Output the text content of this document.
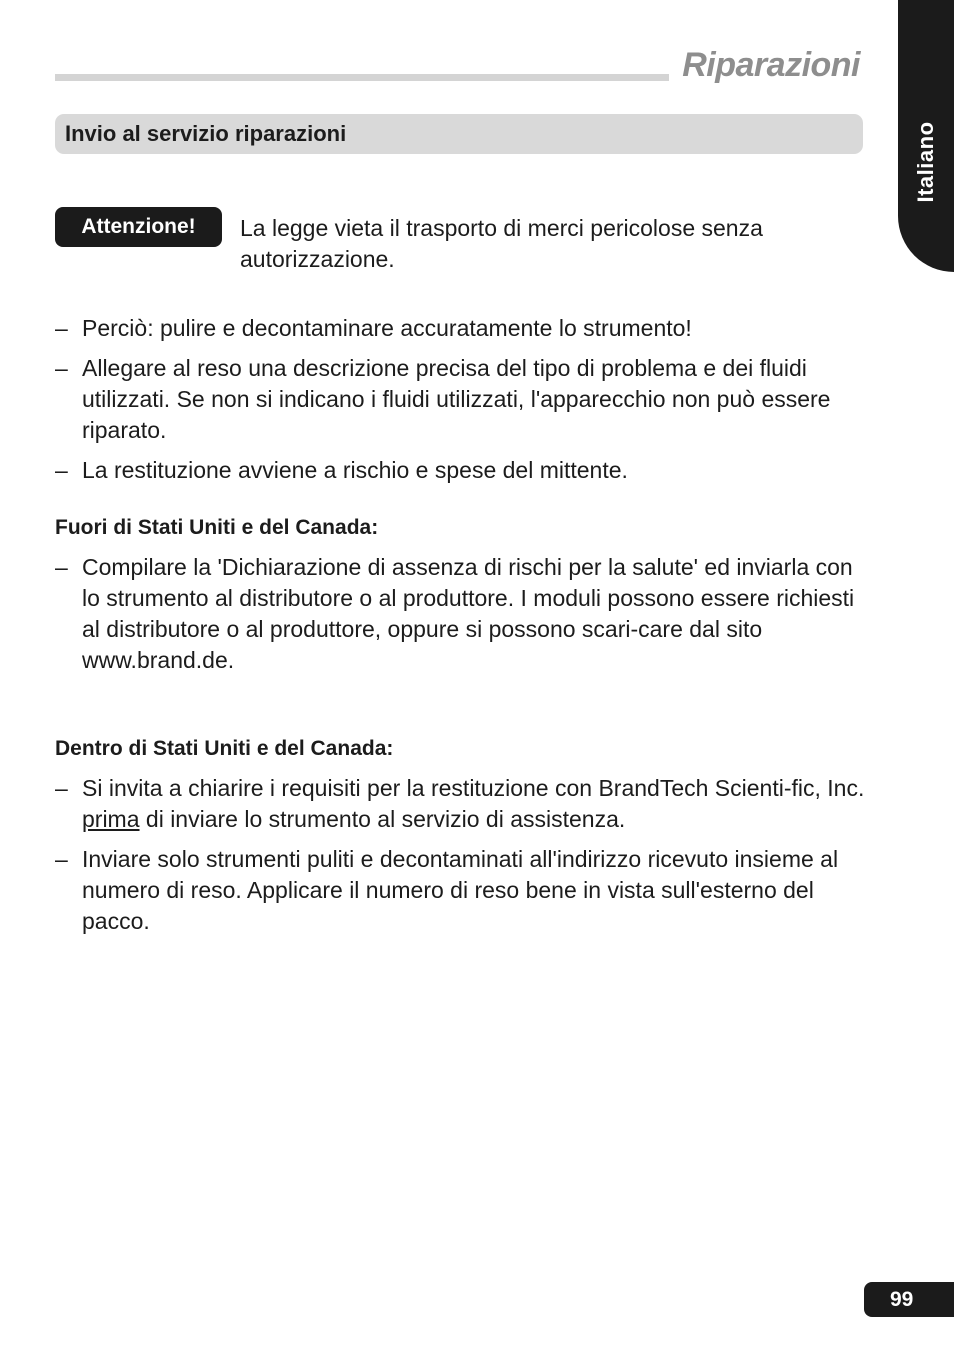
Riparazioni
Italiano
Invio al servizio riparazioni
Attenzione!	La legge vieta il trasporto di merci pericolose senza autorizzazione.

– Perciò: pulire e decontaminare accuratamente lo strumento!
– Allegare al reso una descrizione precisa del tipo di problema e dei fluidi utilizzati. Se non si indicano i fluidi utilizzati, l'apparecchio non può essere riparato.
– La restituzione avviene a rischio e spese del mittente.

Fuori di Stati Uniti e del Canada:

– Compilare la 'Dichiarazione di assenza di rischi per la salute' ed inviarla con lo strumento al distributore o al produttore. I moduli possono essere richiesti al distributore o al produttore, oppure si possono scari-care dal sito www.brand.de.

Dentro di Stati Uniti e del Canada:

– Si invita a chiarire i requisiti per la restituzione con BrandTech Scienti-fic, Inc. prima di inviare lo strumento al servizio di assistenza.
– Inviare solo strumenti puliti e decontaminati all'indirizzo ricevuto insieme al numero di reso. Applicare il numero di reso bene in vista sull'esterno del pacco.
99
